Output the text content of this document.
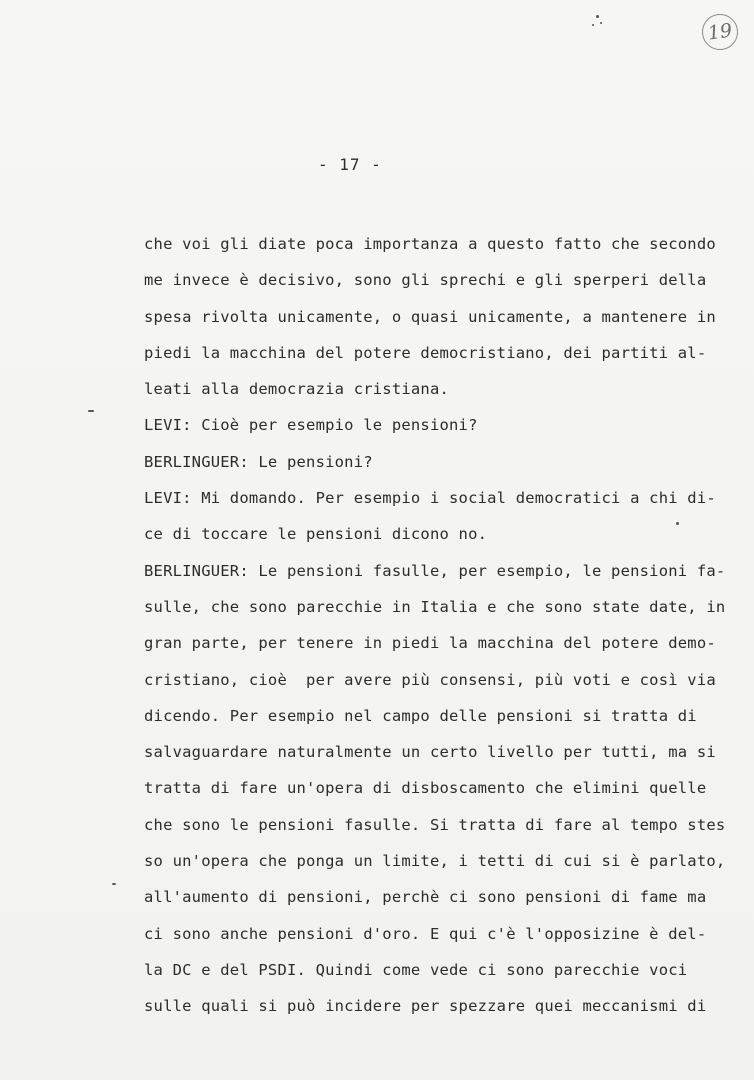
19
- 17 -
che voi gli diate poca importanza a questo fatto che secondo
me invece è decisivo, sono gli sprechi e gli sperperi della
spesa rivolta unicamente, o quasi unicamente, a mantenere in
piedi la macchina del potere democristiano, dei partiti al-
leati alla democrazia cristiana.
LEVI: Cioè per esempio le pensioni?
BERLINGUER: Le pensioni?
LEVI: Mi domando. Per esempio i social democratici a chi di-
ce di toccare le pensioni dicono no.
BERLINGUER: Le pensioni fasulle, per esempio, le pensioni fa-
sulle, che sono parecchie in Italia e che sono state date, in
gran parte, per tenere in piedi la macchina del potere demo-
cristiano, cioè  per avere più consensi, più voti e così via
dicendo. Per esempio nel campo delle pensioni si tratta di
salvaguardare naturalmente un certo livello per tutti, ma si
tratta di fare un'opera di disboscamento che elimini quelle
che sono le pensioni fasulle. Si tratta di fare al tempo stes
so un'opera che ponga un limite, i tetti di cui si è parlato,
all'aumento di pensioni, perchè ci sono pensioni di fame ma
ci sono anche pensioni d'oro. E qui c'è l'opposizine è del-
la DC e del PSDI. Quindi come vede ci sono parecchie voci
sulle quali si può incidere per spezzare quei meccanismi di
